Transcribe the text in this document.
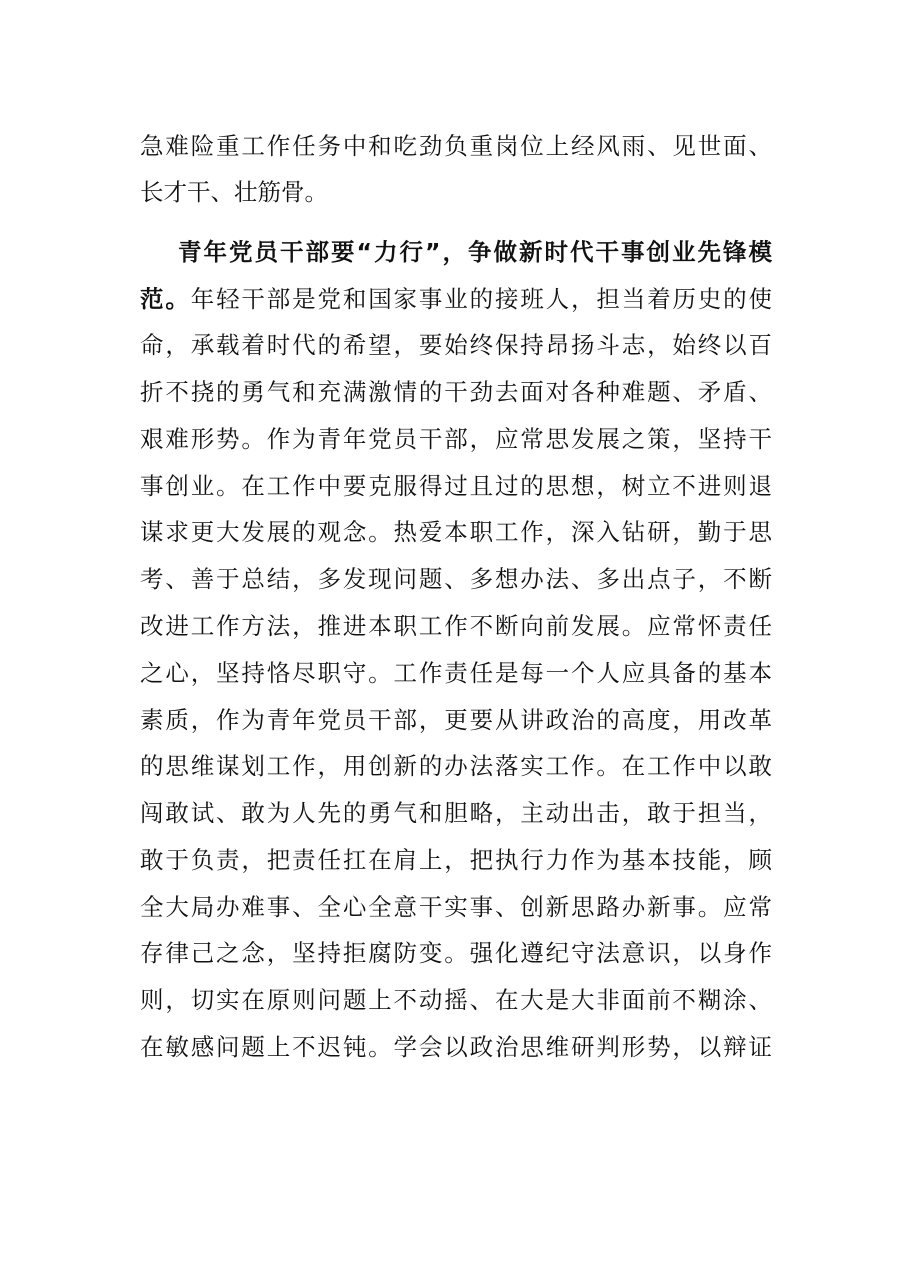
急难险重工作任务中和吃劲负重岗位上经风雨、见世面、
长才干、壮筋骨。
青年党员干部要“力行”，争做新时代干事创业先锋模
范。年轻干部是党和国家事业的接班人，担当着历史的使
命，承载着时代的希望，要始终保持昂扬斗志，始终以百
折不挠的勇气和充满激情的干劲去面对各种难题、矛盾、
艰难形势。作为青年党员干部，应常思发展之策，坚持干
事创业。在工作中要克服得过且过的思想，树立不进则退
谋求更大发展的观念。热爱本职工作，深入钻研，勤于思
考、善于总结，多发现问题、多想办法、多出点子，不断
改进工作方法，推进本职工作不断向前发展。应常怀责任
之心，坚持恪尽职守。工作责任是每一个人应具备的基本
素质，作为青年党员干部，更要从讲政治的高度，用改革
的思维谋划工作，用创新的办法落实工作。在工作中以敢
闯敢试、敢为人先的勇气和胆略，主动出击，敢于担当，
敢于负责，把责任扛在肩上，把执行力作为基本技能，顾
全大局办难事、全心全意干实事、创新思路办新事。应常
存律己之念，坚持拒腐防变。强化遵纪守法意识，以身作
则，切实在原则问题上不动摇、在大是大非面前不糊涂、
在敏感问题上不迟钝。学会以政治思维研判形势，以辩证
